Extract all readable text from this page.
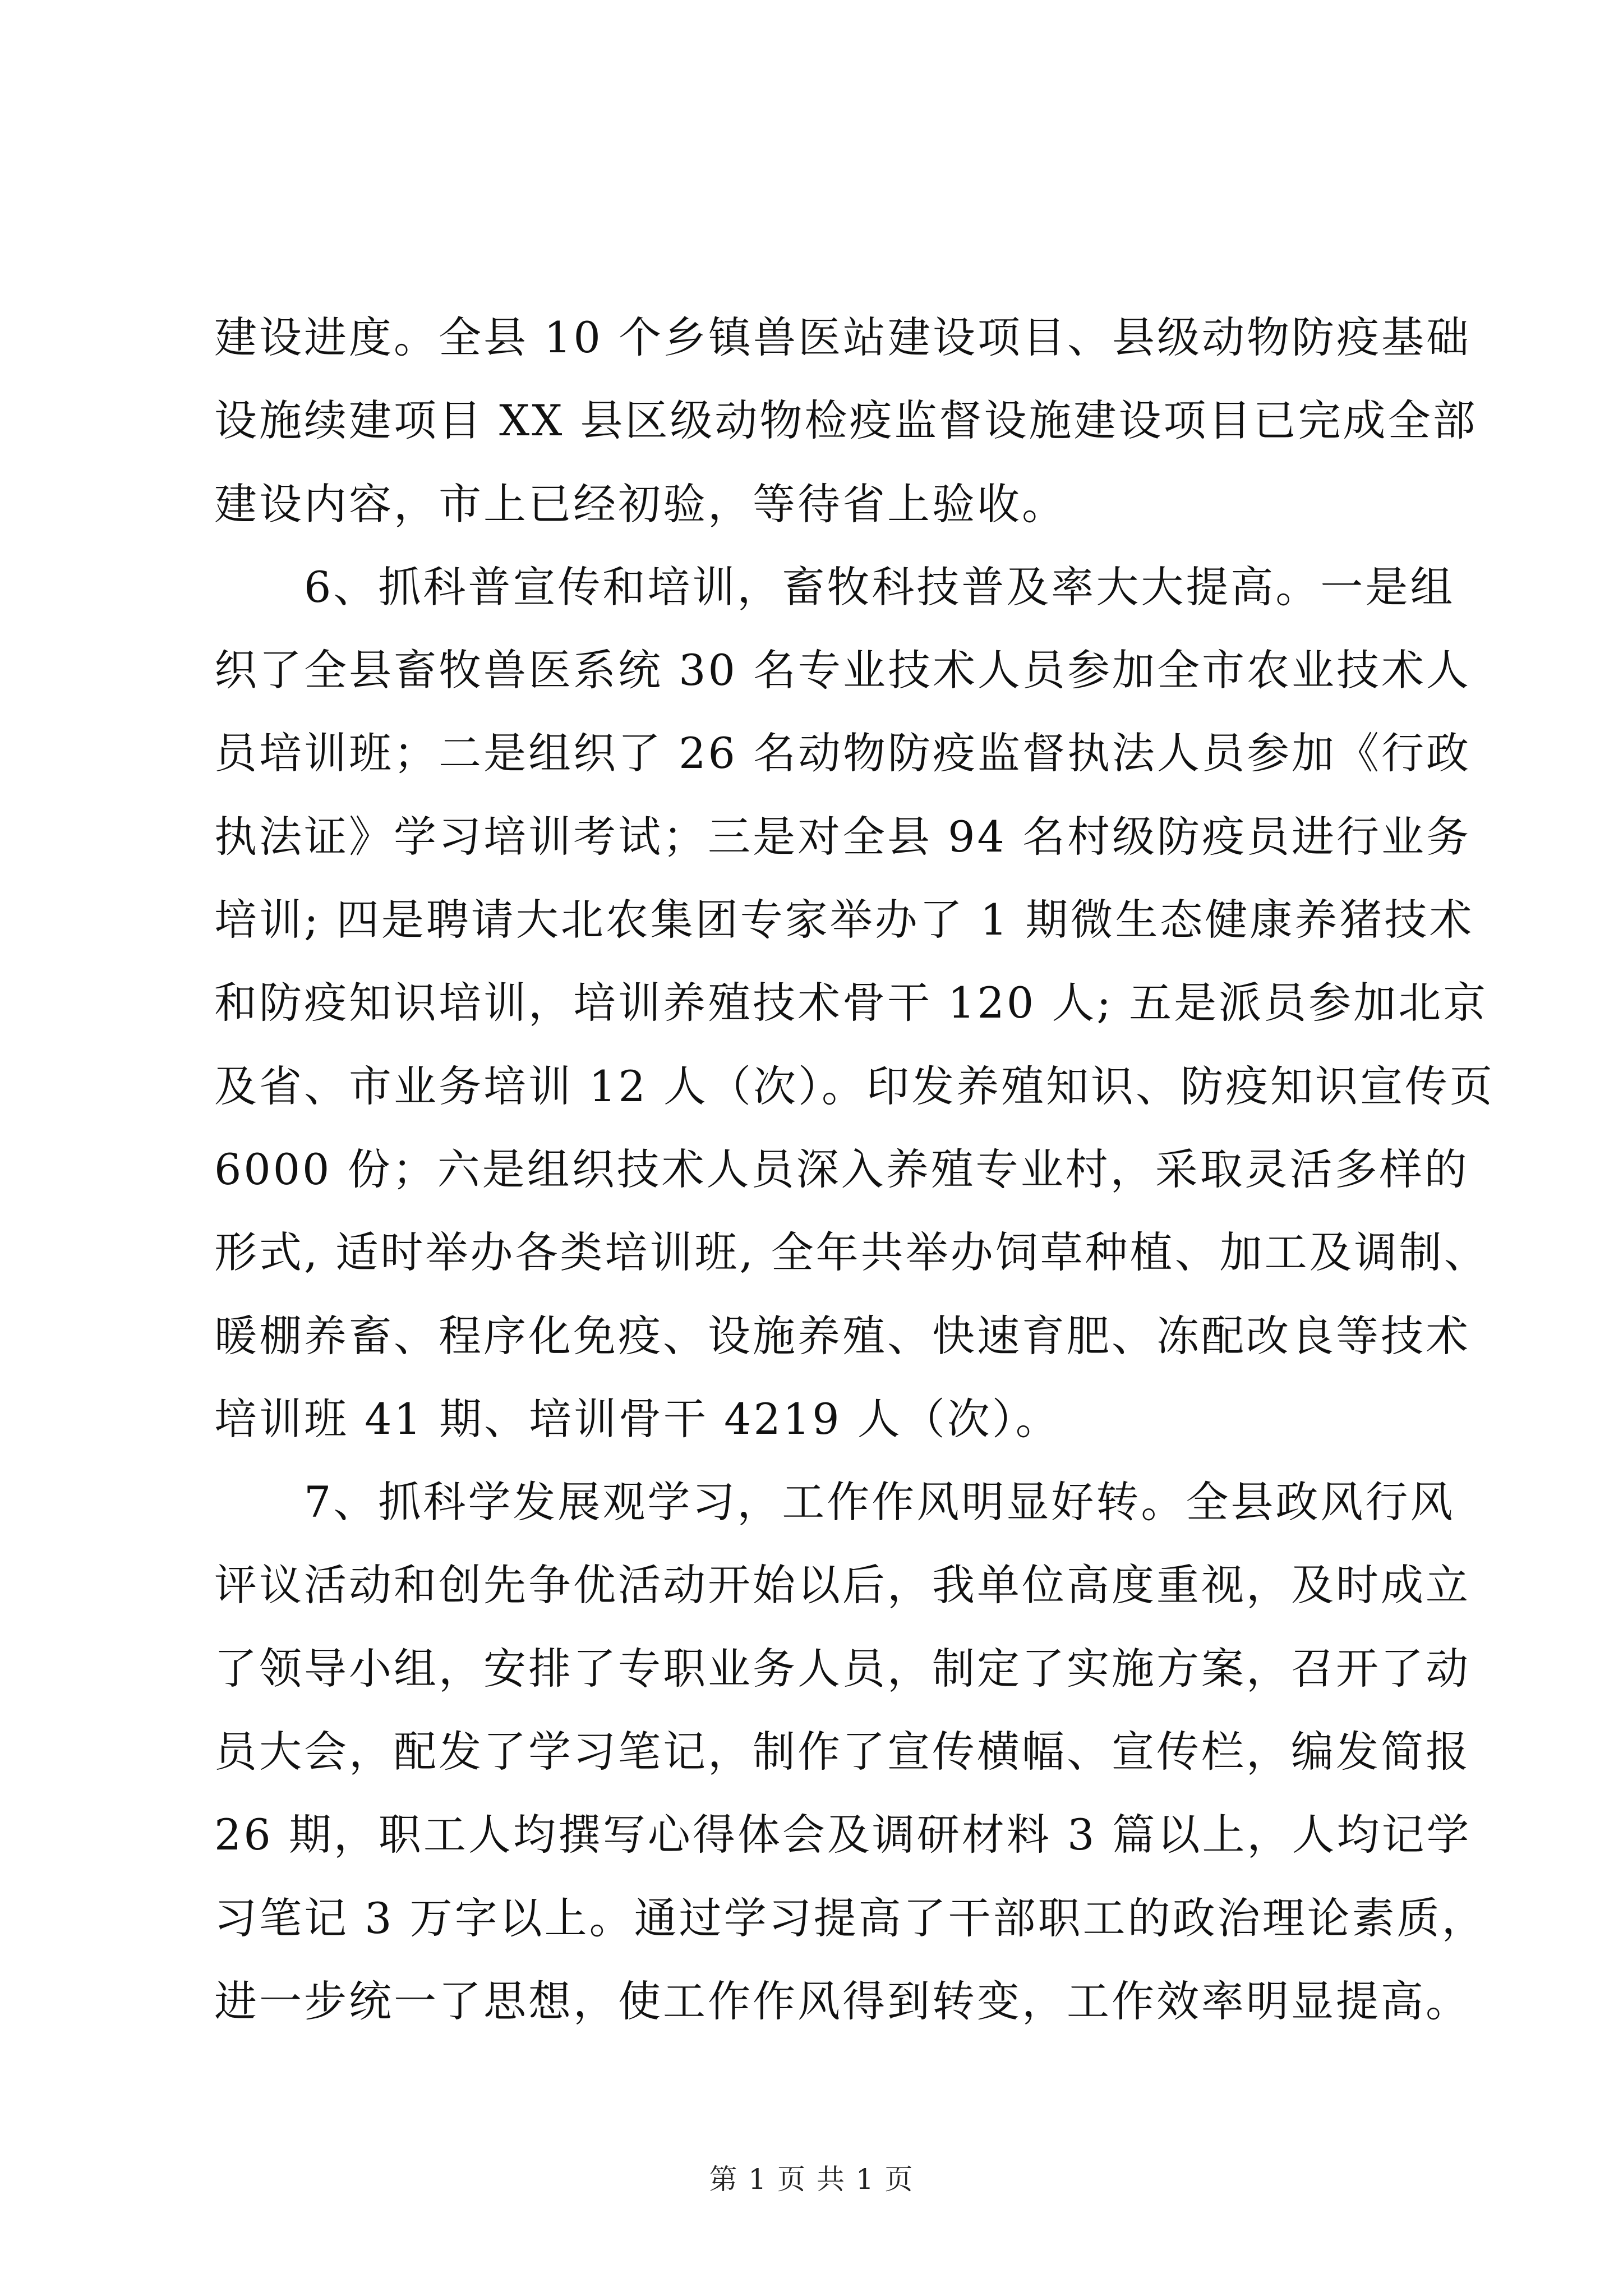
建设进度。全县 10 个乡镇兽医站建设项目、县级动物防疫基础
设施续建项目 XX 县区级动物检疫监督设施建设项目已完成全部
建设内容，市上已经初验，等待省上验收。
　　6、抓科普宣传和培训，畜牧科技普及率大大提高。一是组
织了全县畜牧兽医系统 30 名专业技术人员参加全市农业技术人
员培训班；二是组织了 26 名动物防疫监督执法人员参加《行政
执法证》学习培训考试；三是对全县 94 名村级防疫员进行业务
培训; 四是聘请大北农集团专家举办了 1 期微生态健康养猪技术
和防疫知识培训，培训养殖技术骨干 120 人; 五是派员参加北京
及省、市业务培训 12 人（次）。印发养殖知识、防疫知识宣传页
6000 份；六是组织技术人员深入养殖专业村，采取灵活多样的
形式, 适时举办各类培训班, 全年共举办饲草种植、加工及调制、
暖棚养畜、程序化免疫、设施养殖、快速育肥、冻配改良等技术
培训班 41 期、培训骨干 4219 人（次）。
　　7、抓科学发展观学习，工作作风明显好转。全县政风行风
评议活动和创先争优活动开始以后，我单位高度重视，及时成立
了领导小组，安排了专职业务人员，制定了实施方案，召开了动
员大会，配发了学习笔记，制作了宣传横幅、宣传栏，编发简报
26 期，职工人均撰写心得体会及调研材料 3 篇以上，人均记学
习笔记 3 万字以上。通过学习提高了干部职工的政治理论素质，
进一步统一了思想，使工作作风得到转变，工作效率明显提高。
第 1 页 共 1 页
